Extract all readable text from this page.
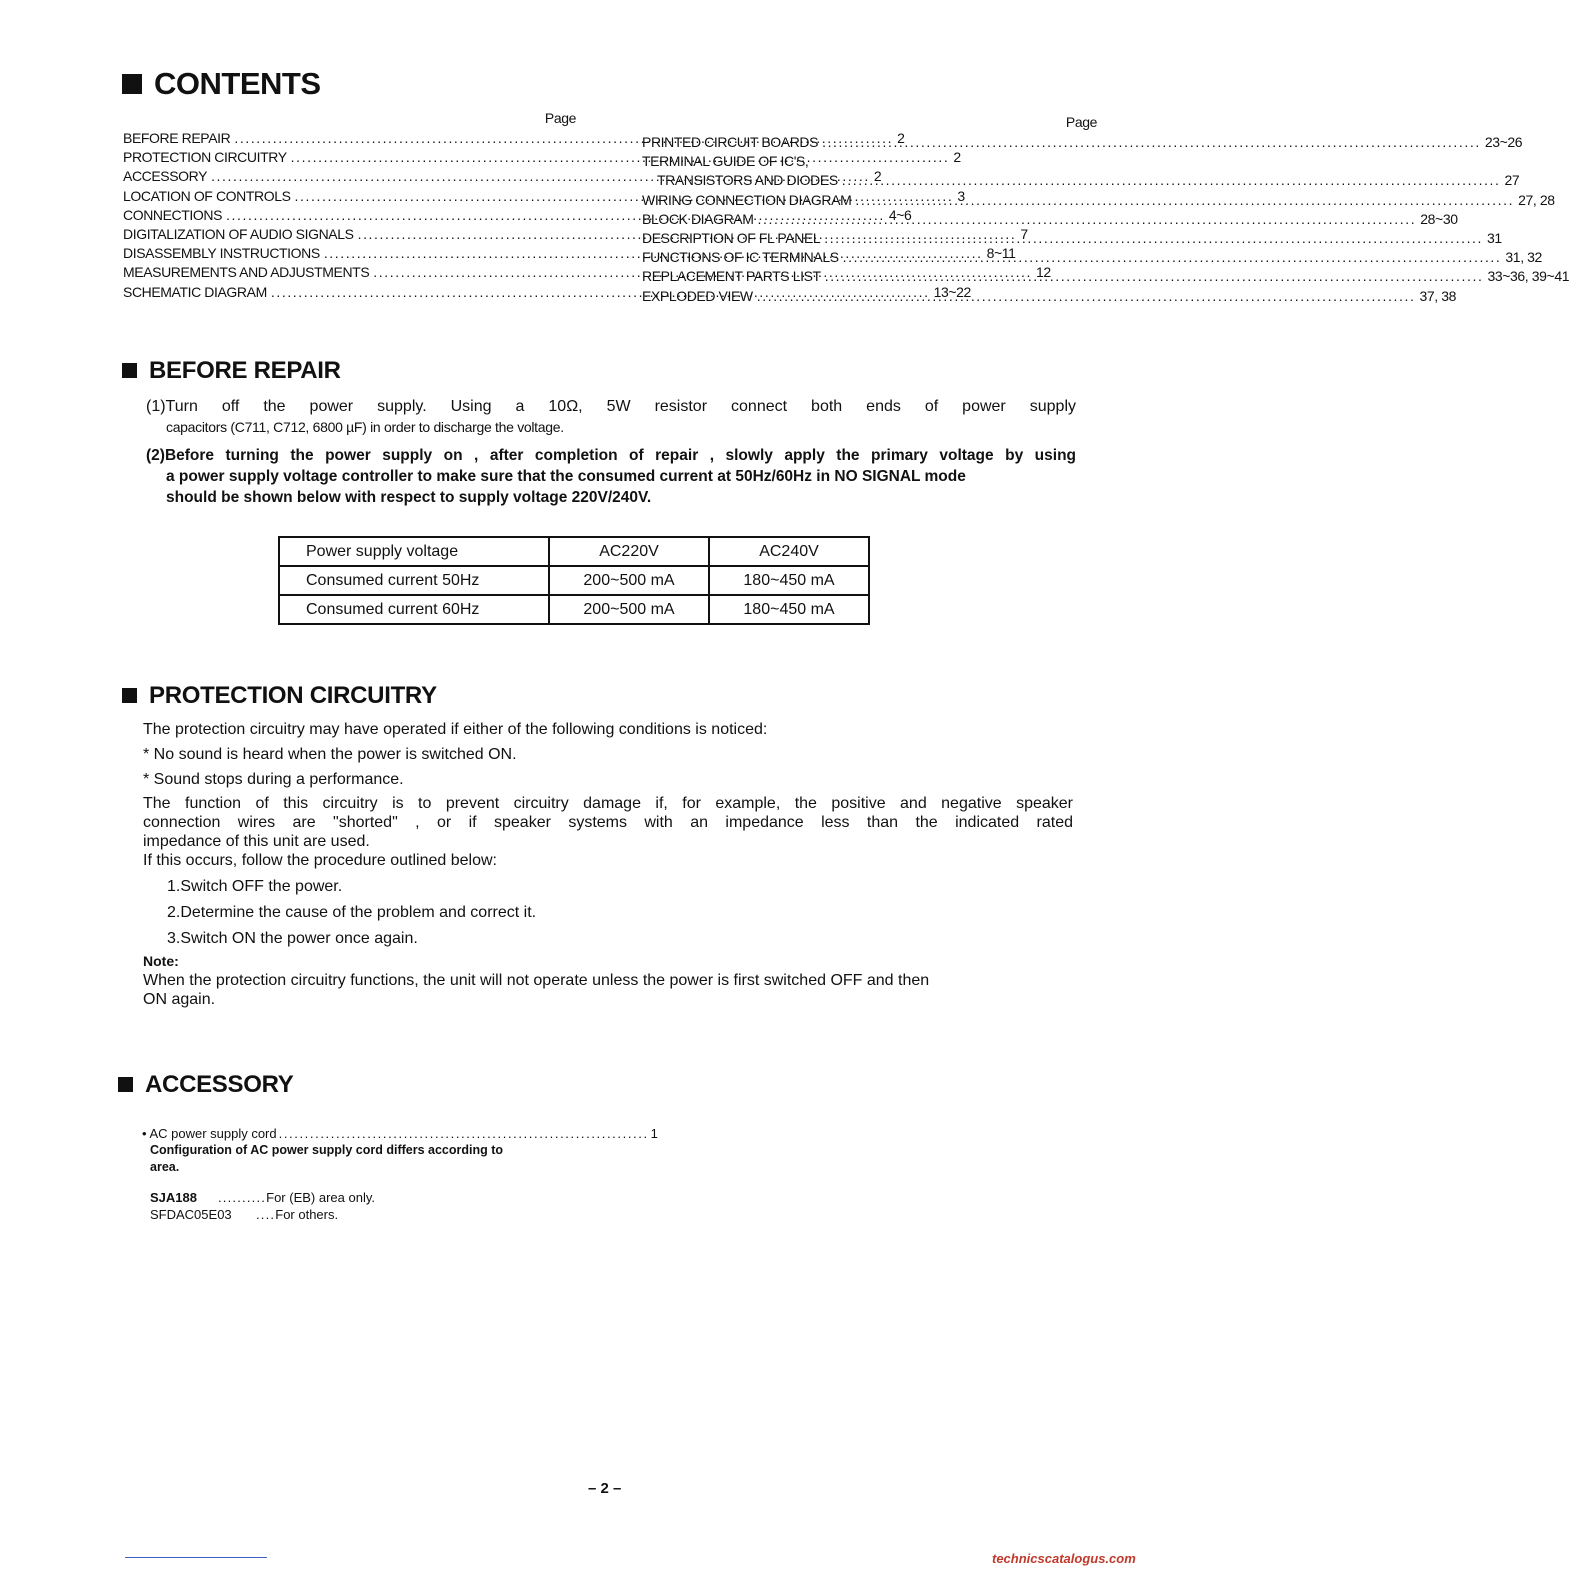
CONTENTS
Page
BEFORE REPAIR .....	2
PROTECTION CIRCUITRY .....	2
ACCESSORY .....	2
LOCATION OF CONTROLS .....	3
CONNECTIONS .....	4~6
DIGITALIZATION OF AUDIO SIGNALS .....	7
DISASSEMBLY INSTRUCTIONS .....	8~11
MEASUREMENTS AND ADJUSTMENTS .....	12
SCHEMATIC DIAGRAM .....	13~22
Page
PRINTED CIRCUIT BOARDS .....	23~26
TERMINAL GUIDE OF IC'S,
TRANSISTORS AND DIODES .....	27
WIRING CONNECTION DIAGRAM .....	27, 28
BLOCK DIAGRAM .....	28~30
DESCRIPTION OF FL PANEL .....	31
FUNCTIONS OF IC TERMINALS .....	31, 32
REPLACEMENT PARTS LIST .....	33~36, 39~41
EXPLODED VIEW .....	37, 38
BEFORE REPAIR
(1)Turn off the power supply. Using a 10Ω, 5W resistor connect both ends of power supply
capacitors (C711, C712, 6800 µF) in order to discharge the voltage.
(2)Before turning the power supply on , after completion of repair , slowly apply the primary voltage by using
a power supply voltage controller to make sure that the consumed current at 50Hz/60Hz in NO SIGNAL mode
should be shown below with respect to supply voltage 220V/240V.
Power supply voltage	AC220V	AC240V
Consumed current 50Hz	200~500 mA	180~450 mA
Consumed current 60Hz	200~500 mA	180~450 mA
PROTECTION CIRCUITRY
The protection circuitry may have operated if either of the following conditions is noticed:
* No sound is heard when the power is switched ON.
* Sound stops during a performance.
The function of this circuitry is to prevent circuitry damage if, for example, the positive and negative speaker
connection wires are "shorted" , or if speaker systems with an impedance less than the indicated rated
impedance of this unit are used.
If this occurs, follow the procedure outlined below:
1.Switch OFF the power.
2.Determine the cause of the problem and correct it.
3.Switch ON the power once again.
Note:
When the protection circuitry functions, the unit will not operate unless the power is first switched OFF and then
ON again.
ACCESSORY
• AC power supply cord ....................................................................... 1
Configuration of AC power supply cord differs according to
area.
SJA188 ..........For (EB) area only.
SFDAC05E03 ....For others.
– 2 –
technicscatalogus.com
